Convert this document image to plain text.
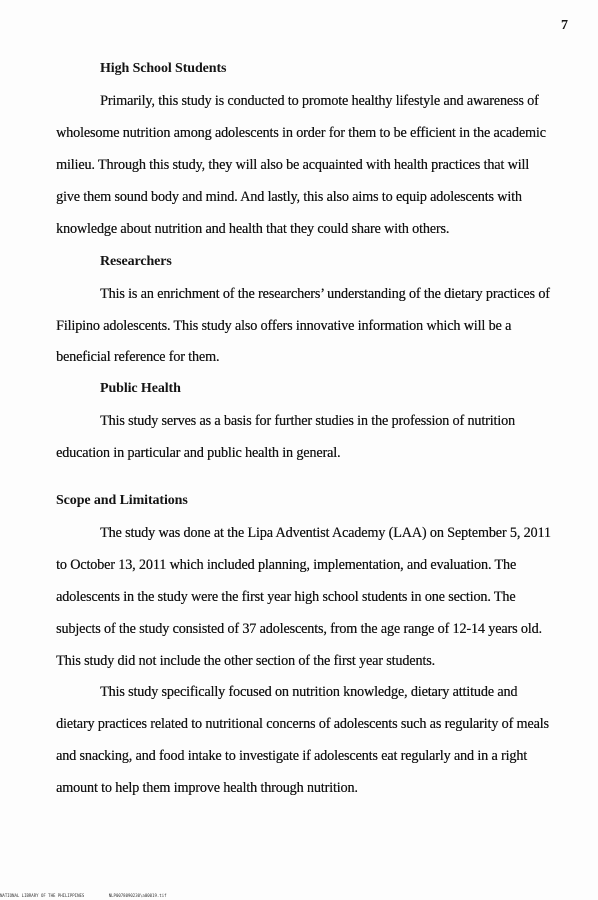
7
High School Students
Primarily, this study is conducted to promote healthy lifestyle and awareness of
wholesome nutrition among adolescents in order for them to be efficient in the academic
milieu. Through this study, they will also be acquainted with health practices that will
give them sound body and mind. And lastly, this also aims to equip adolescents with
knowledge about nutrition and health that they could share with others.
Researchers
This is an enrichment of the researchers’ understanding of the dietary practices of
Filipino adolescents. This study also offers innovative information which will be a
beneficial reference for them.
Public Health
This study serves as a basis for further studies in the profession of nutrition
education in particular and public health in general.
Scope and Limitations
The study was done at the Lipa Adventist Academy (LAA) on September 5, 2011
to October 13, 2011 which included planning, implementation, and evaluation. The
adolescents in the study were the first year high school students in one section. The
subjects of the study consisted of 37 adolescents, from the age range of 12-14 years old.
This study did not include the other section of the first year students.
This study specifically focused on nutrition knowledge, dietary attitude and
dietary practices related to nutritional concerns of adolescents such as regularity of meals
and snacking, and food intake to investigate if adolescents eat regularly and in a right
amount to help them improve health through nutrition.
NATIONAL LIBRARY OF THE PHILIPPINES	NLP0078090230\a00019.tif
